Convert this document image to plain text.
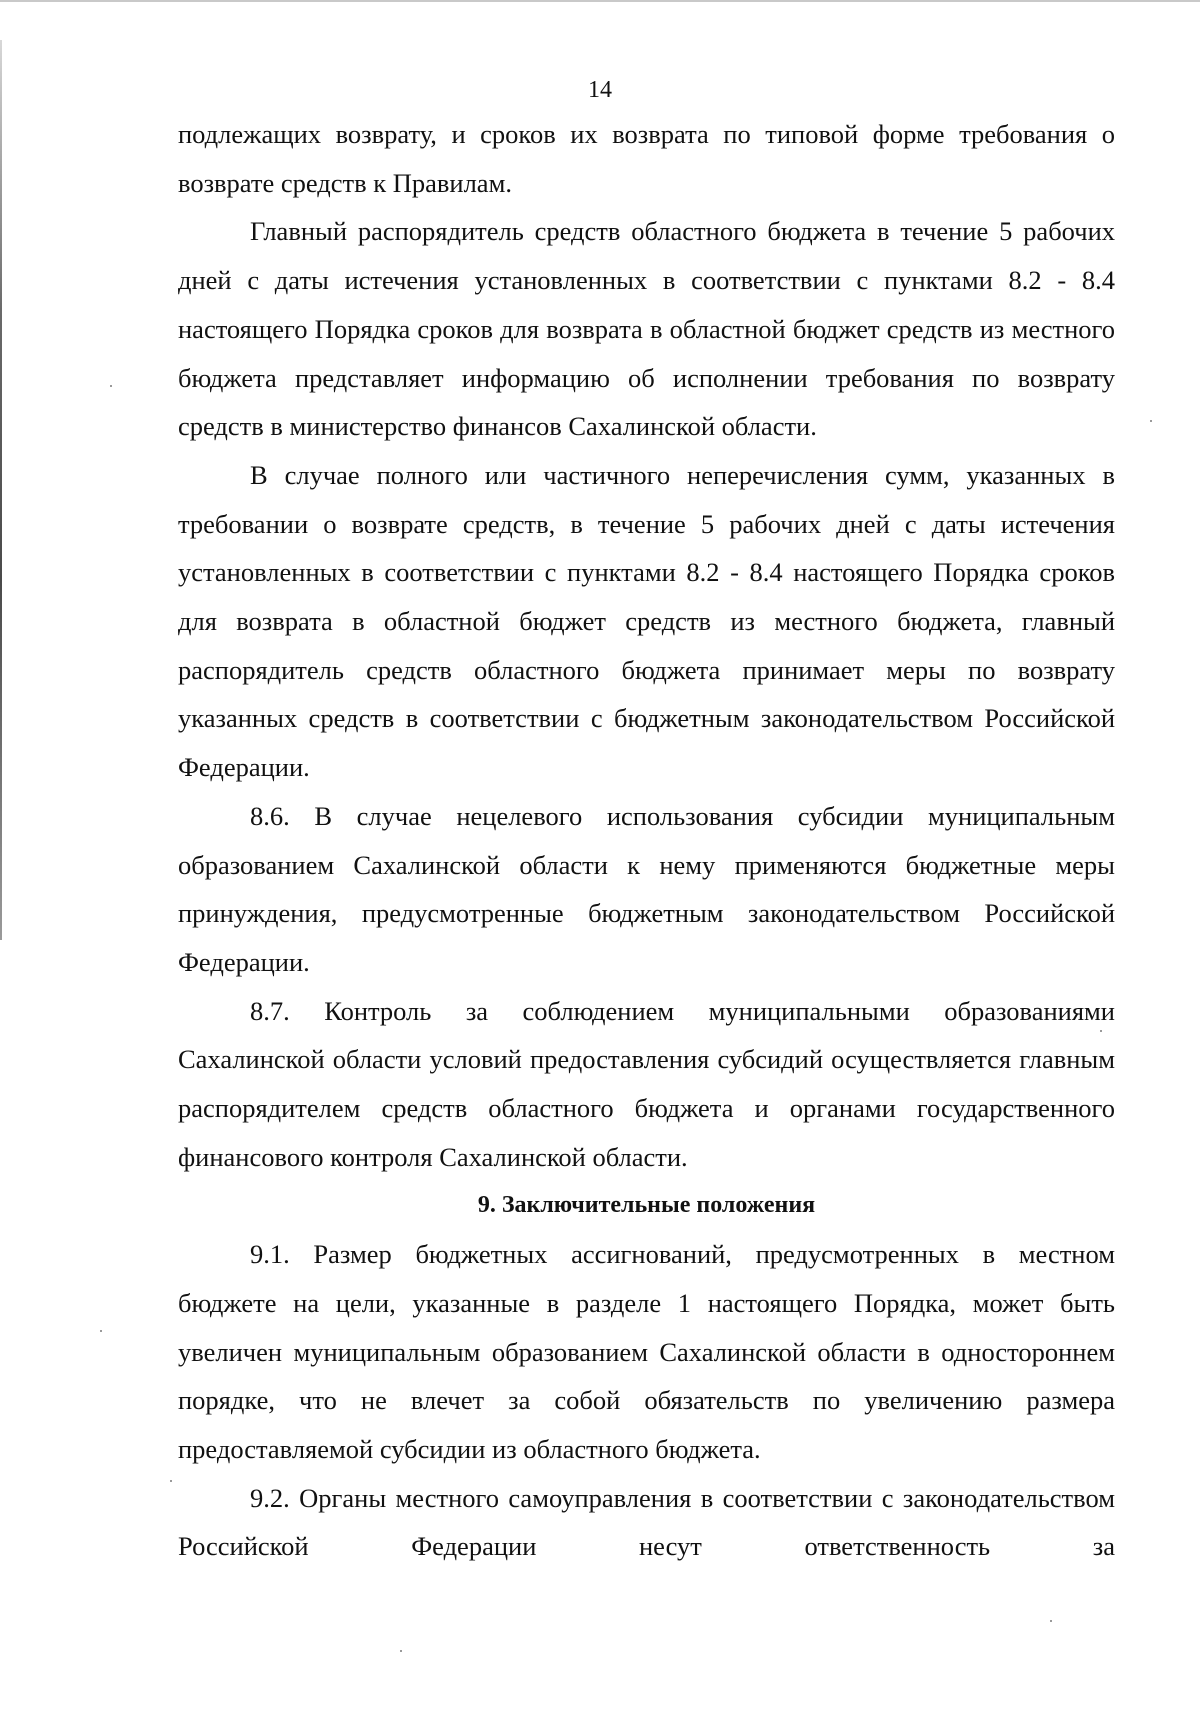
14

подлежащих возврату, и сроков их возврата по типовой форме требования о возврате средств к Правилам.

Главный распорядитель средств областного бюджета в течение 5 рабочих дней с даты истечения установленных в соответствии с пунктами 8.2 - 8.4 настоящего Порядка сроков для возврата в областной бюджет средств из местного бюджета представляет информацию об исполнении требования по возврату средств в министерство финансов Сахалинской области.

В случае полного или частичного неперечисления сумм, указанных в требовании о возврате средств, в течение 5 рабочих дней с даты истечения установленных в соответствии с пунктами 8.2 - 8.4 настоящего Порядка сроков для возврата в областной бюджет средств из местного бюджета, главный распорядитель средств областного бюджета принимает меры по возврату указанных средств в соответствии с бюджетным законодательством Российской Федерации.

8.6. В случае нецелевого использования субсидии муниципальным образованием Сахалинской области к нему применяются бюджетные меры принуждения, предусмотренные бюджетным законодательством Российской Федерации.

8.7. Контроль за соблюдением муниципальными образованиями Сахалинской области условий предоставления субсидий осуществляется главным распорядителем средств областного бюджета и органами государственного финансового контроля Сахалинской области.

9. Заключительные положения

9.1. Размер бюджетных ассигнований, предусмотренных в местном бюджете на цели, указанные в разделе 1 настоящего Порядка, может быть увеличен муниципальным образованием Сахалинской области в одностороннем порядке, что не влечет за собой обязательств по увеличению размера предоставляемой субсидии из областного бюджета.

9.2. Органы местного самоуправления в соответствии с законодательством Российской Федерации несут ответственность за
